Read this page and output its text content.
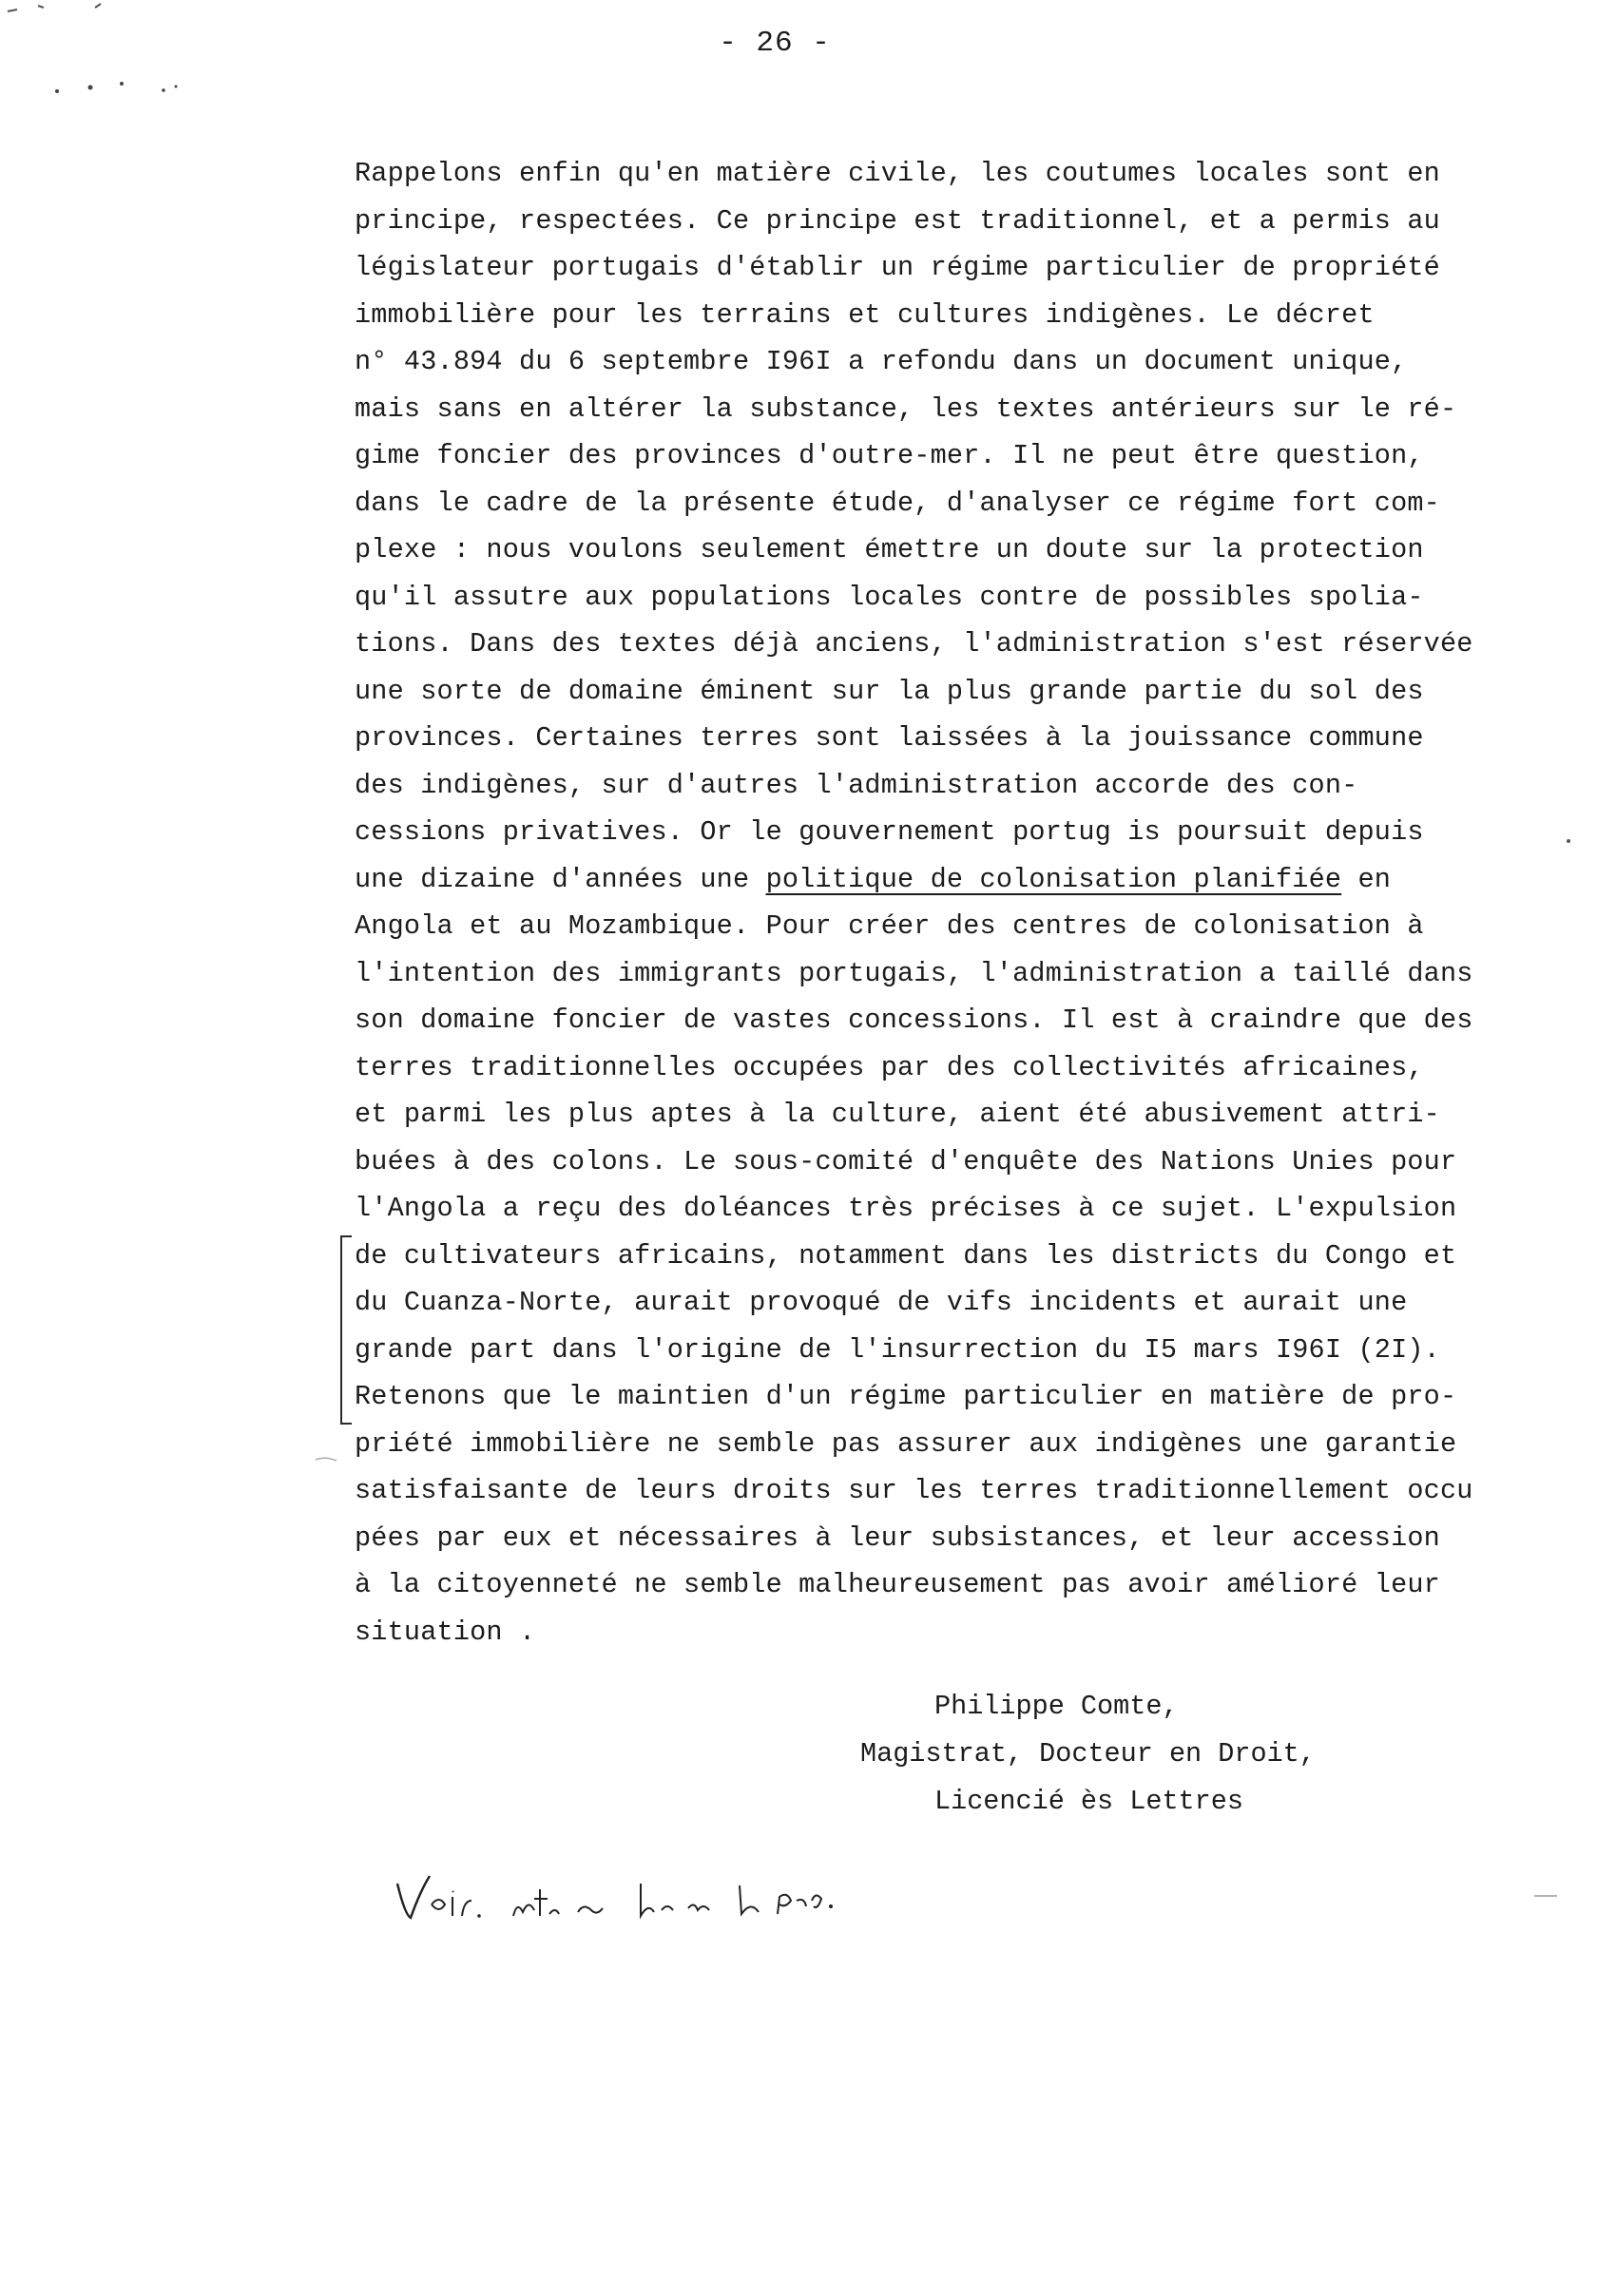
- 26 -
Rappelons enfin qu'en matière civile, les coutumes locales sont en
principe, respectées. Ce principe est traditionnel, et a permis au
législateur portugais d'établir un régime particulier de propriété
immobilière pour les terrains et cultures indigènes. Le décret
n° 43.894 du 6 septembre I96I a refondu dans un document unique,
mais sans en altérer la substance, les textes antérieurs sur le ré-
gime foncier des provinces d'outre-mer. Il ne peut être question,
dans le cadre de la présente étude, d'analyser ce régime fort com-
plexe : nous voulons seulement émettre un doute sur la protection
qu'il assutre aux populations locales contre de possibles spolia-
tions. Dans des textes déjà anciens, l'administration s'est réservée
une sorte de domaine éminent sur la plus grande partie du sol des
provinces. Certaines terres sont laissées à la jouissance commune
des indigènes, sur d'autres l'administration accorde des con-
cessions privatives. Or le gouvernement portug is poursuit depuis
une dizaine d'années une politique de colonisation planifiée en
Angola et au Mozambique. Pour créer des centres de colonisation à
l'intention des immigrants portugais, l'administration a taillé dans
son domaine foncier de vastes concessions. Il est à craindre que des
terres traditionnelles occupées par des collectivités africaines,
et parmi les plus aptes à la culture, aient été abusivement attri-
buées à des colons. Le sous-comité d'enquête des Nations Unies pour
l'Angola a reçu des doléances très précises à ce sujet. L'expulsion
de cultivateurs africains, notamment dans les districts du Congo et
du Cuanza-Norte, aurait provoqué de vifs incidents et aurait une
grande part dans l'origine de l'insurrection du I5 mars I96I (2I).
Retenons que le maintien d'un régime particulier en matière de pro-
priété immobilière ne semble pas assurer aux indigènes une garantie
satisfaisante de leurs droits sur les terres traditionnellement occu
pées par eux et nécessaires à leur subsistances, et leur accession
à la citoyenneté ne semble malheureusement pas avoir amélioré leur
situation .
Philippe Comte,
Magistrat, Docteur en Droit,
Licencié ès Lettres
